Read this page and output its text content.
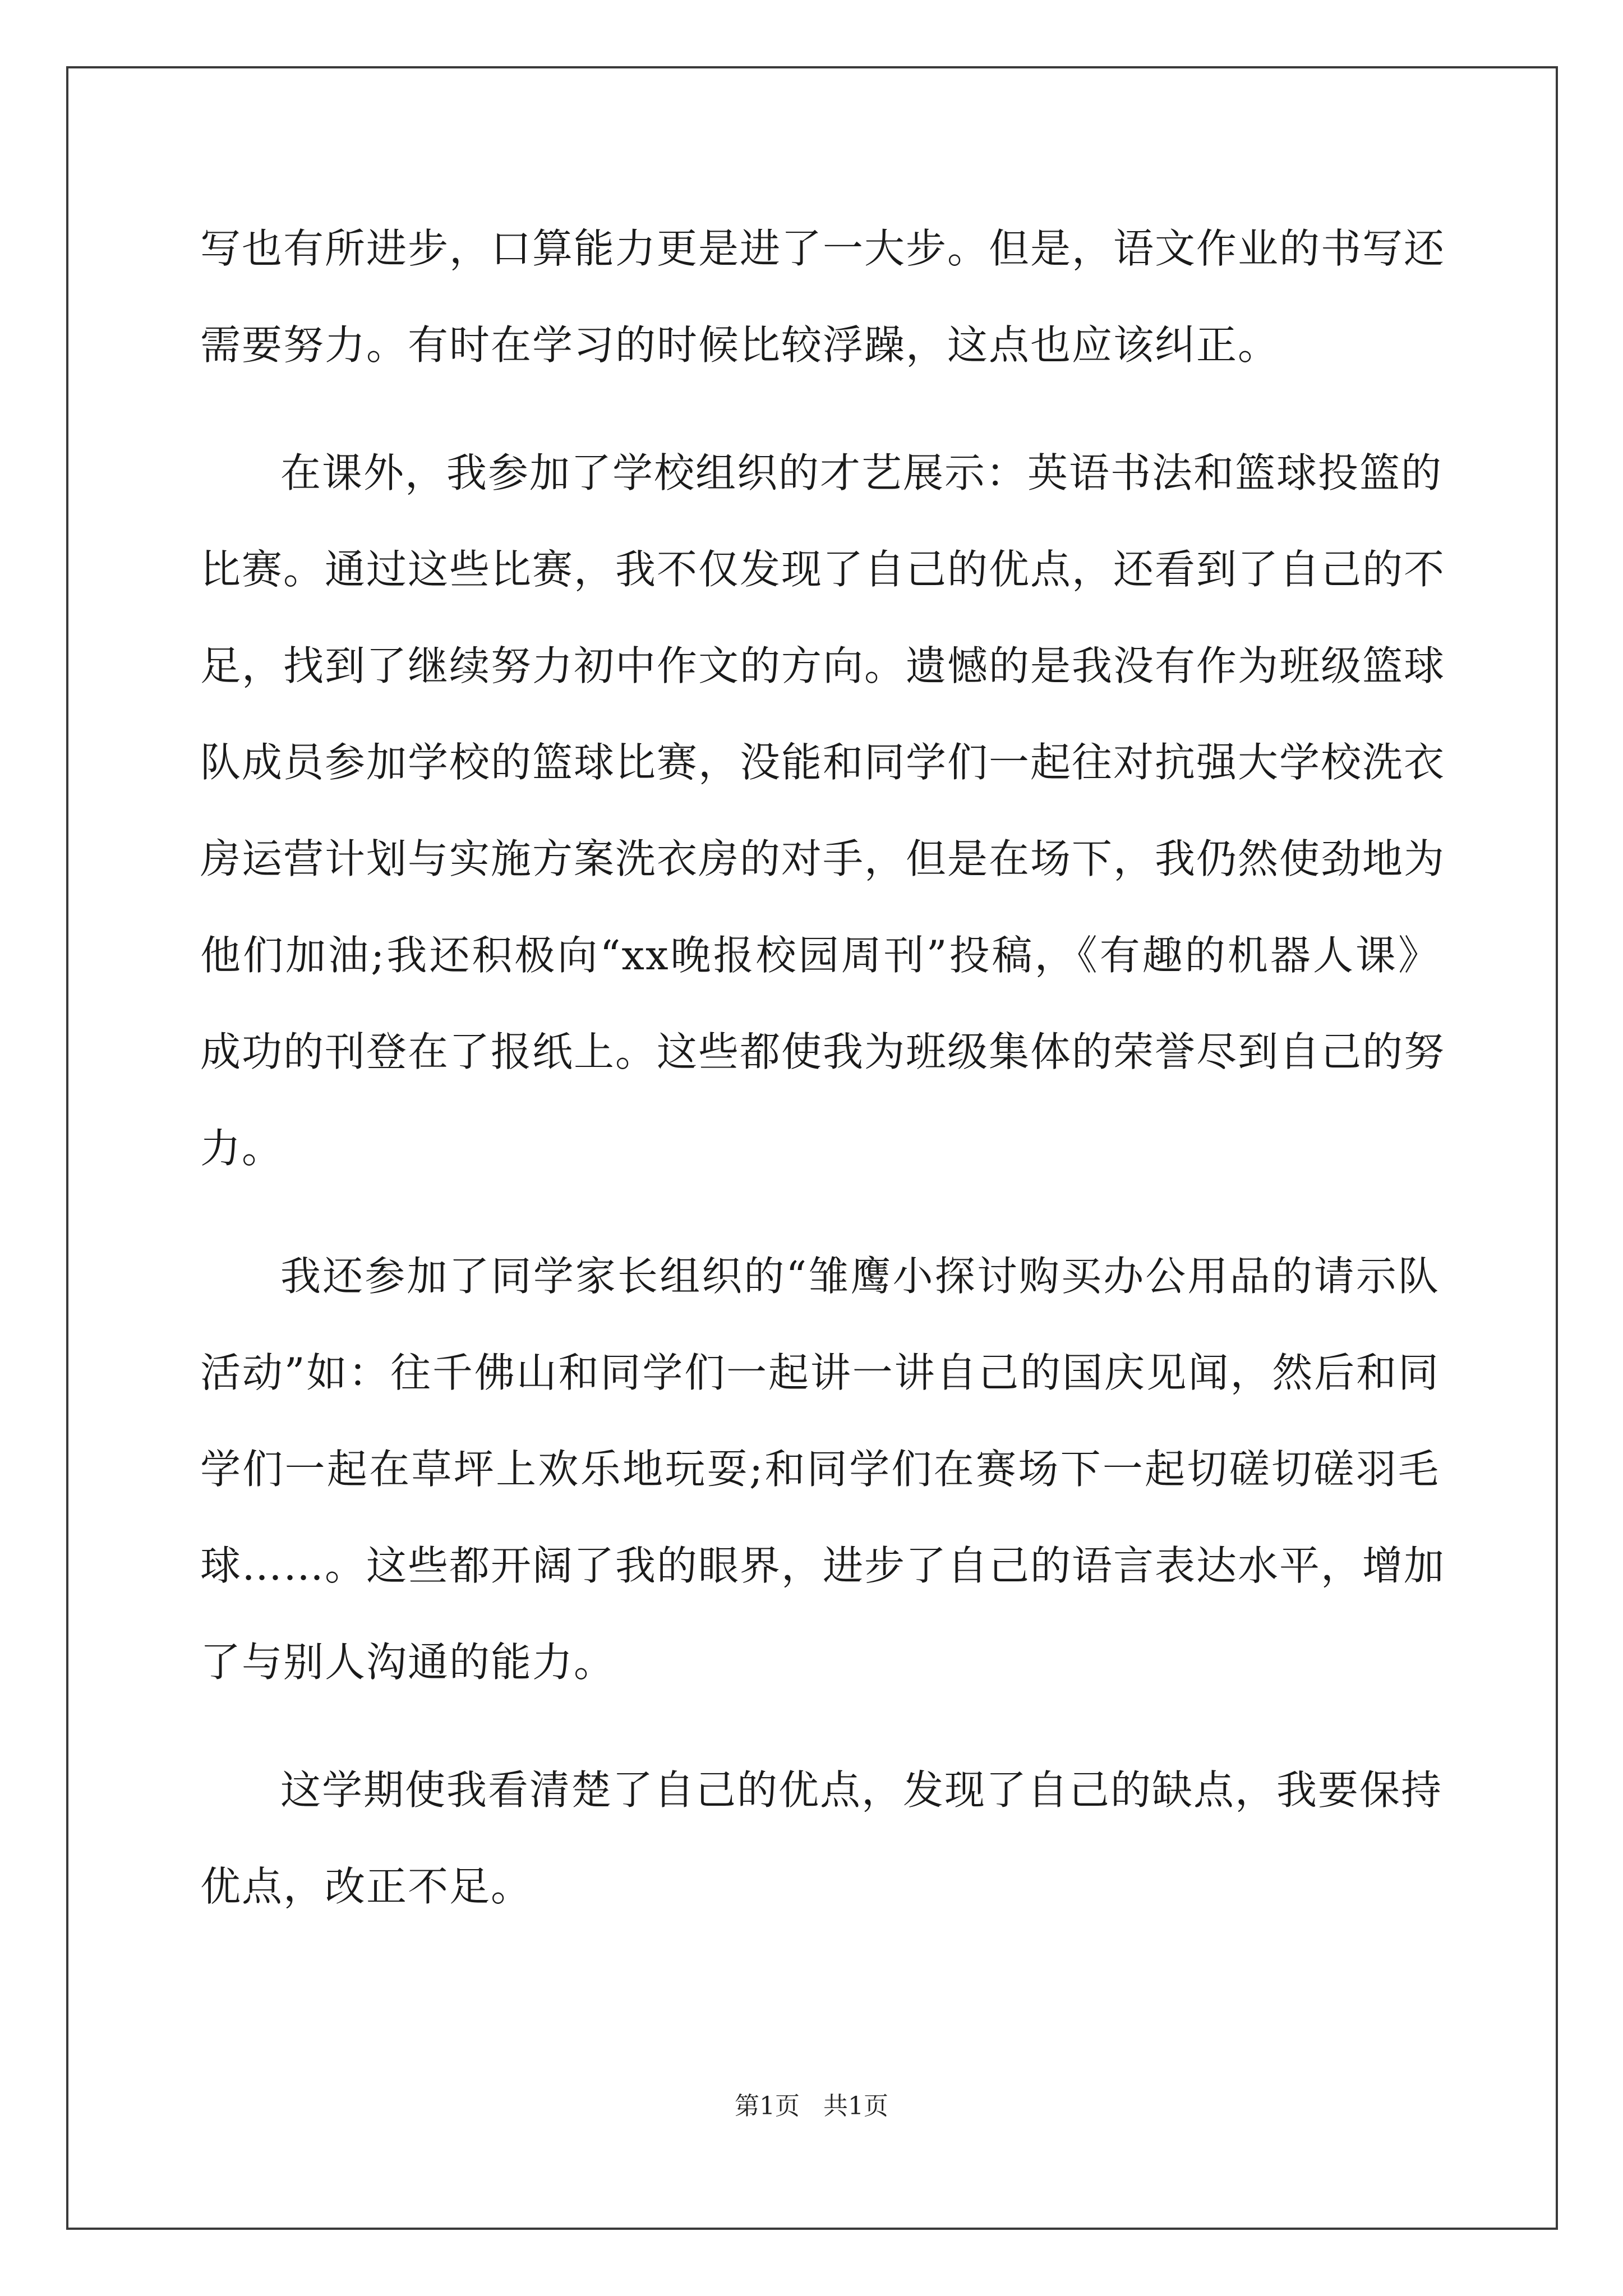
写也有所进步，口算能力更是进了一大步。但是，语文作业的书写还
需要努力。有时在学习的时候比较浮躁，这点也应该纠正。
在课外，我参加了学校组织的才艺展示：英语书法和篮球投篮的
比赛。通过这些比赛，我不仅发现了自己的优点，还看到了自己的不
足，找到了继续努力初中作文的方向。遗憾的是我没有作为班级篮球
队成员参加学校的篮球比赛，没能和同学们一起往对抗强大学校洗衣
房运营计划与实施方案洗衣房的对手，但是在场下，我仍然使劲地为
他们加油;我还积极向“xx晚报校园周刊”投稿，《有趣的机器人课》
成功的刊登在了报纸上。这些都使我为班级集体的荣誉尽到自己的努
力。
我还参加了同学家长组织的“雏鹰小探讨购买办公用品的请示队
活动”如：往千佛山和同学们一起讲一讲自己的国庆见闻，然后和同
学们一起在草坪上欢乐地玩耍;和同学们在赛场下一起切磋切磋羽毛
球……。这些都开阔了我的眼界，进步了自己的语言表达水平，增加
了与别人沟通的能力。
这学期使我看清楚了自己的优点，发现了自己的缺点，我要保持
优点，改正不足。
第1页 共1页
